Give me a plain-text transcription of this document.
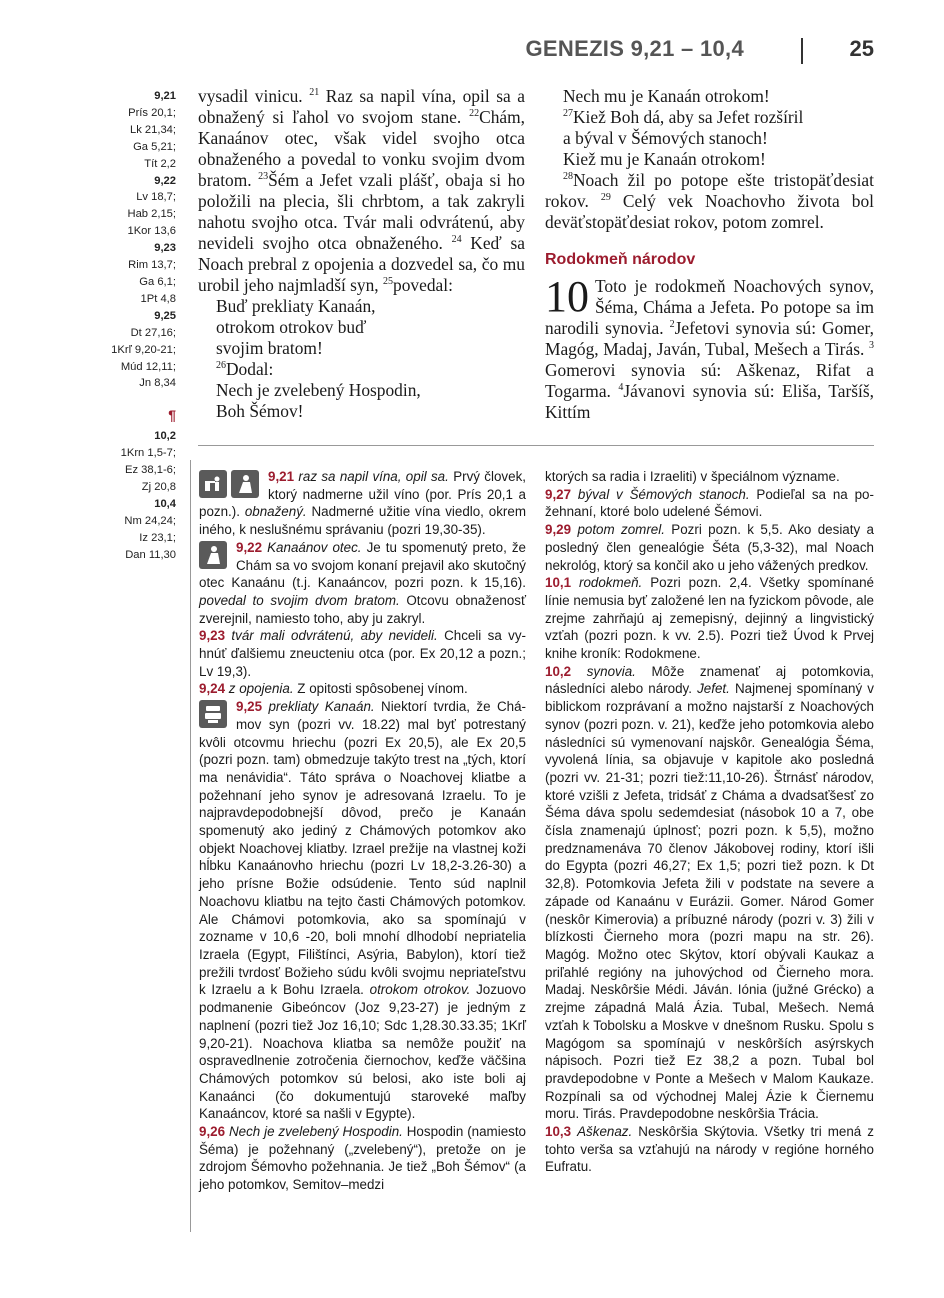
GENEZIS 9,21 – 10,4	25
9,21
Prís 20,1;
Lk 21,34;
Ga 5,21;
Tít 2,2
9,22
Lv 18,7;
Hab 2,15;
1Kor 13,6
9,23
Rim 13,7;
Ga 6,1;
1Pt 4,8
9,25
Dt 27,16;
1Krľ 9,20-21;
Múd 12,11;
Jn 8,34
¶
10,2
1Krn 1,5-7;
Ez 38,1-6;
Zj 20,8
10,4
Nm 24,24;
Iz 23,1;
Dan 11,30

vysadil vinicu. $^{21}$ Raz sa napil vína, opil sa a obnažený si ľahol vo svojom stane. $^{22}$Chám, Kanaánov otec, však videl svojho otca obnaženého a povedal to vonku svojim dvom bratom. $^{23}$Šém a Jefet vzali plášť, obaja si ho položili na plecia, šli chrbtom, a tak zakryli nahotu svojho otca. Tvár mali odvrátenú, aby nevideli svojho otca obnaženého. $^{24}$ Keď sa Noach prebral z opojenia a dozvedel sa, čo mu urobil jeho najmladší syn, $^{25}$povedal:

Buď prekliaty Kanaán,
otrokom otrokov buď
svojim bratom!
$^{26}$Dodal:
Nech je zvelebený Hospodin,
Boh Šémov!
Nech mu je Kanaán otrokom!
$^{27}$Kiež Boh dá, aby sa Jefet rozšíril
a býval v Šémových stanoch!
Kiež mu je Kanaán otrokom!

$^{28}$Noach žil po potope ešte tristopäťdesiat rokov. $^{29}$ Celý vek Noachovho života bol deväťstopäťdesiat rokov, potom zomrel.

Rodokmeň národov

10 Toto je rodokmeň Noachových synov, Šéma, Cháma a Jefeta. Po potope sa im narodili synovia. $^2$Jefetovi synovia sú: Gomer, Magóg, Madaj, Javán, Tubal, Mešech a Tirás. $^3$ Gomerovi synovia sú: Aškenaz, Rifat a Togarma. $^4$Jávanovi synovia sú: Eliša, Taršíš, Kittím

9,21 raz sa napil vína, opil sa. Prvý človek, ktorý nadmerne užil víno (por. Prís 20,1 a pozn.). obnažený. Nadmerné užitie vína viedlo, okrem iného, k neslušnému správaniu (pozri 19,30-35).

9,22 Kanaánov otec. Je tu spomenutý preto, že Chám sa vo svojom konaní prejavil ako skutočný otec Kanaánu (t.j. Kanaáncov, pozri pozn. k 15,16). povedal to svojim dvom bratom. Otcovu obnaženosť zverejnil, namiesto toho, aby ju zakryl.

9,23 tvár mali odvrátenú, aby nevideli. Chceli sa vyhnúť ďalšiemu zneucteniu otca (por. Ex 20,12 a pozn.; Lv 19,3).

9,24 z opojenia. Z opitosti spôsobenej vínom.

9,25 prekliaty Kanaán. Niektorí tvrdia, že Chámov syn (pozri vv. 18.22) mal byť potrestaný kvôli otcovmu hriechu (pozri Ex 20,5), ale Ex 20,5 (pozri pozn. tam) obmedzuje takýto trest na „tých, ktorí ma nenávidia“. Táto správa o Noachovej kliatbe a požehnaní jeho synov je adresovaná Izraelu. To je najpravdepodobnejší dôvod, prečo je Kanaán spomenutý ako jediný z Chámových potomkov ako objekt Noachovej kliatby. Izrael prežije na vlastnej koži hĺbku Kanaánovho hriechu (pozri Lv 18,2-3.26-30) a jeho prísne Božie odsúdenie. Tento súd naplnil Noachovu kliatbu na tejto časti Chámových potomkov. Ale Chámovi potomkovia, ako sa spomínajú v zozname v 10,6 -20, boli mnohí dlhodobí nepriatelia Izraela (Egypt, Filištínci, Asýria, Babylon), ktorí tiež prežili tvrdosť Božieho súdu kvôli svojmu nepriateľstvu k Izraelu a k Bohu Izraela. otrokom otrokov. Jozuovo podmanenie Gibeóncov (Joz 9,23-27) je jedným z naplnení (pozri tiež Joz 16,10; Sdc 1,28.30.33.35; 1Krľ 9,20-21). Noachova kliatba sa nemôže použiť na ospravedlnenie zotročenia čiernochov, keďže väčšina Chámových potomkov sú belosi, ako iste boli aj Kanaánci (čo dokumentujú staroveké maľby Kanaáncov, ktoré sa našli v Egypte).

9,26 Nech je zvelebený Hospodin. Hospodin (namiesto Šéma) je požehnaný („zvelebený“), pretože on je zdrojom Šémovho požehnania. Je tiež „Boh Šémov“ (a jeho potomkov, Semitov–medzi

ktorých sa radia i Izraeliti) v špeciálnom význame.

9,27 býval v Šémových stanoch. Podieľal sa na požehnaní, ktoré bolo udelené Šémovi.

9,29 potom zomrel. Pozri pozn. k 5,5. Ako desiaty a posledný člen genealógie Šéta (5,3-32), mal Noach nekrológ, ktorý sa končil ako u jeho vážených predkov.

10,1 rodokmeň. Pozri pozn. 2,4. Všetky spomínané línie nemusia byť založené len na fyzickom pôvode, ale zrejme zahrňajú aj zemepisný, dejinný a lingvistický vzťah (pozri pozn. k vv. 2.5). Pozri tiež Úvod k Prvej knihe kroník: Rodokmene.

10,2 synovia. Môže znamenať aj potomkovia, následníci alebo národy. Jefet. Najmenej spomínaný v biblickom rozprávaní a možno najstarší z Noachových synov (pozri pozn. v. 21), keďže jeho potomkovia alebo následníci sú vymenovaní najskôr. Genealógia Šéma, vyvolená línia, sa objavuje v kapitole ako posledná (pozri vv. 21-31; pozri tiež:11,10-26). Štrnásť národov, ktoré vzišli z Jefeta, tridsáť z Cháma a dvadsaťšesť zo Šéma dáva spolu sedemdesiat (násobok 10 a 7, obe čísla znamenajú úplnosť; pozri pozn. k 5,5), možno predznamenáva 70 členov Jákobovej rodiny, ktorí išli do Egypta (pozri 46,27; Ex 1,5; pozri tiež pozn. k Dt 32,8). Potomkovia Jefeta žili v podstate na severe a západe od Kanaánu v Eurázii. Gomer. Národ Gomer (neskôr Kimerovia) a príbuzné národy (pozri v. 3) žili v blízkosti Čierneho mora (pozri mapu na str. 26). Magóg. Možno otec Skýtov, ktorí obývali Kaukaz a priľahlé regióny na juhovýchod od Čierneho mora. Madaj. Neskôršie Médi. Jáván. Iónia (južné Grécko) a zrejme západná Malá Ázia. Tubal, Mešech. Nemá vzťah k Tobolsku a Moskve v dnešnom Rusku. Spolu s Magógom sa spomínajú v neskôrších asýrskych nápisoch. Pozri tiež Ez 38,2 a pozn. Tubal bol pravdepodobne v Ponte a Mešech v Malom Kaukaze. Rozpínali sa od východnej Malej Ázie k Čiernemu moru. Tirás. Pravdepodobne neskôršia Trácia.

10,3 Aškenaz. Neskôršia Skýtovia. Všetky tri mená z tohto verša sa vzťahujú na národy v regióne horného Eufratu.
